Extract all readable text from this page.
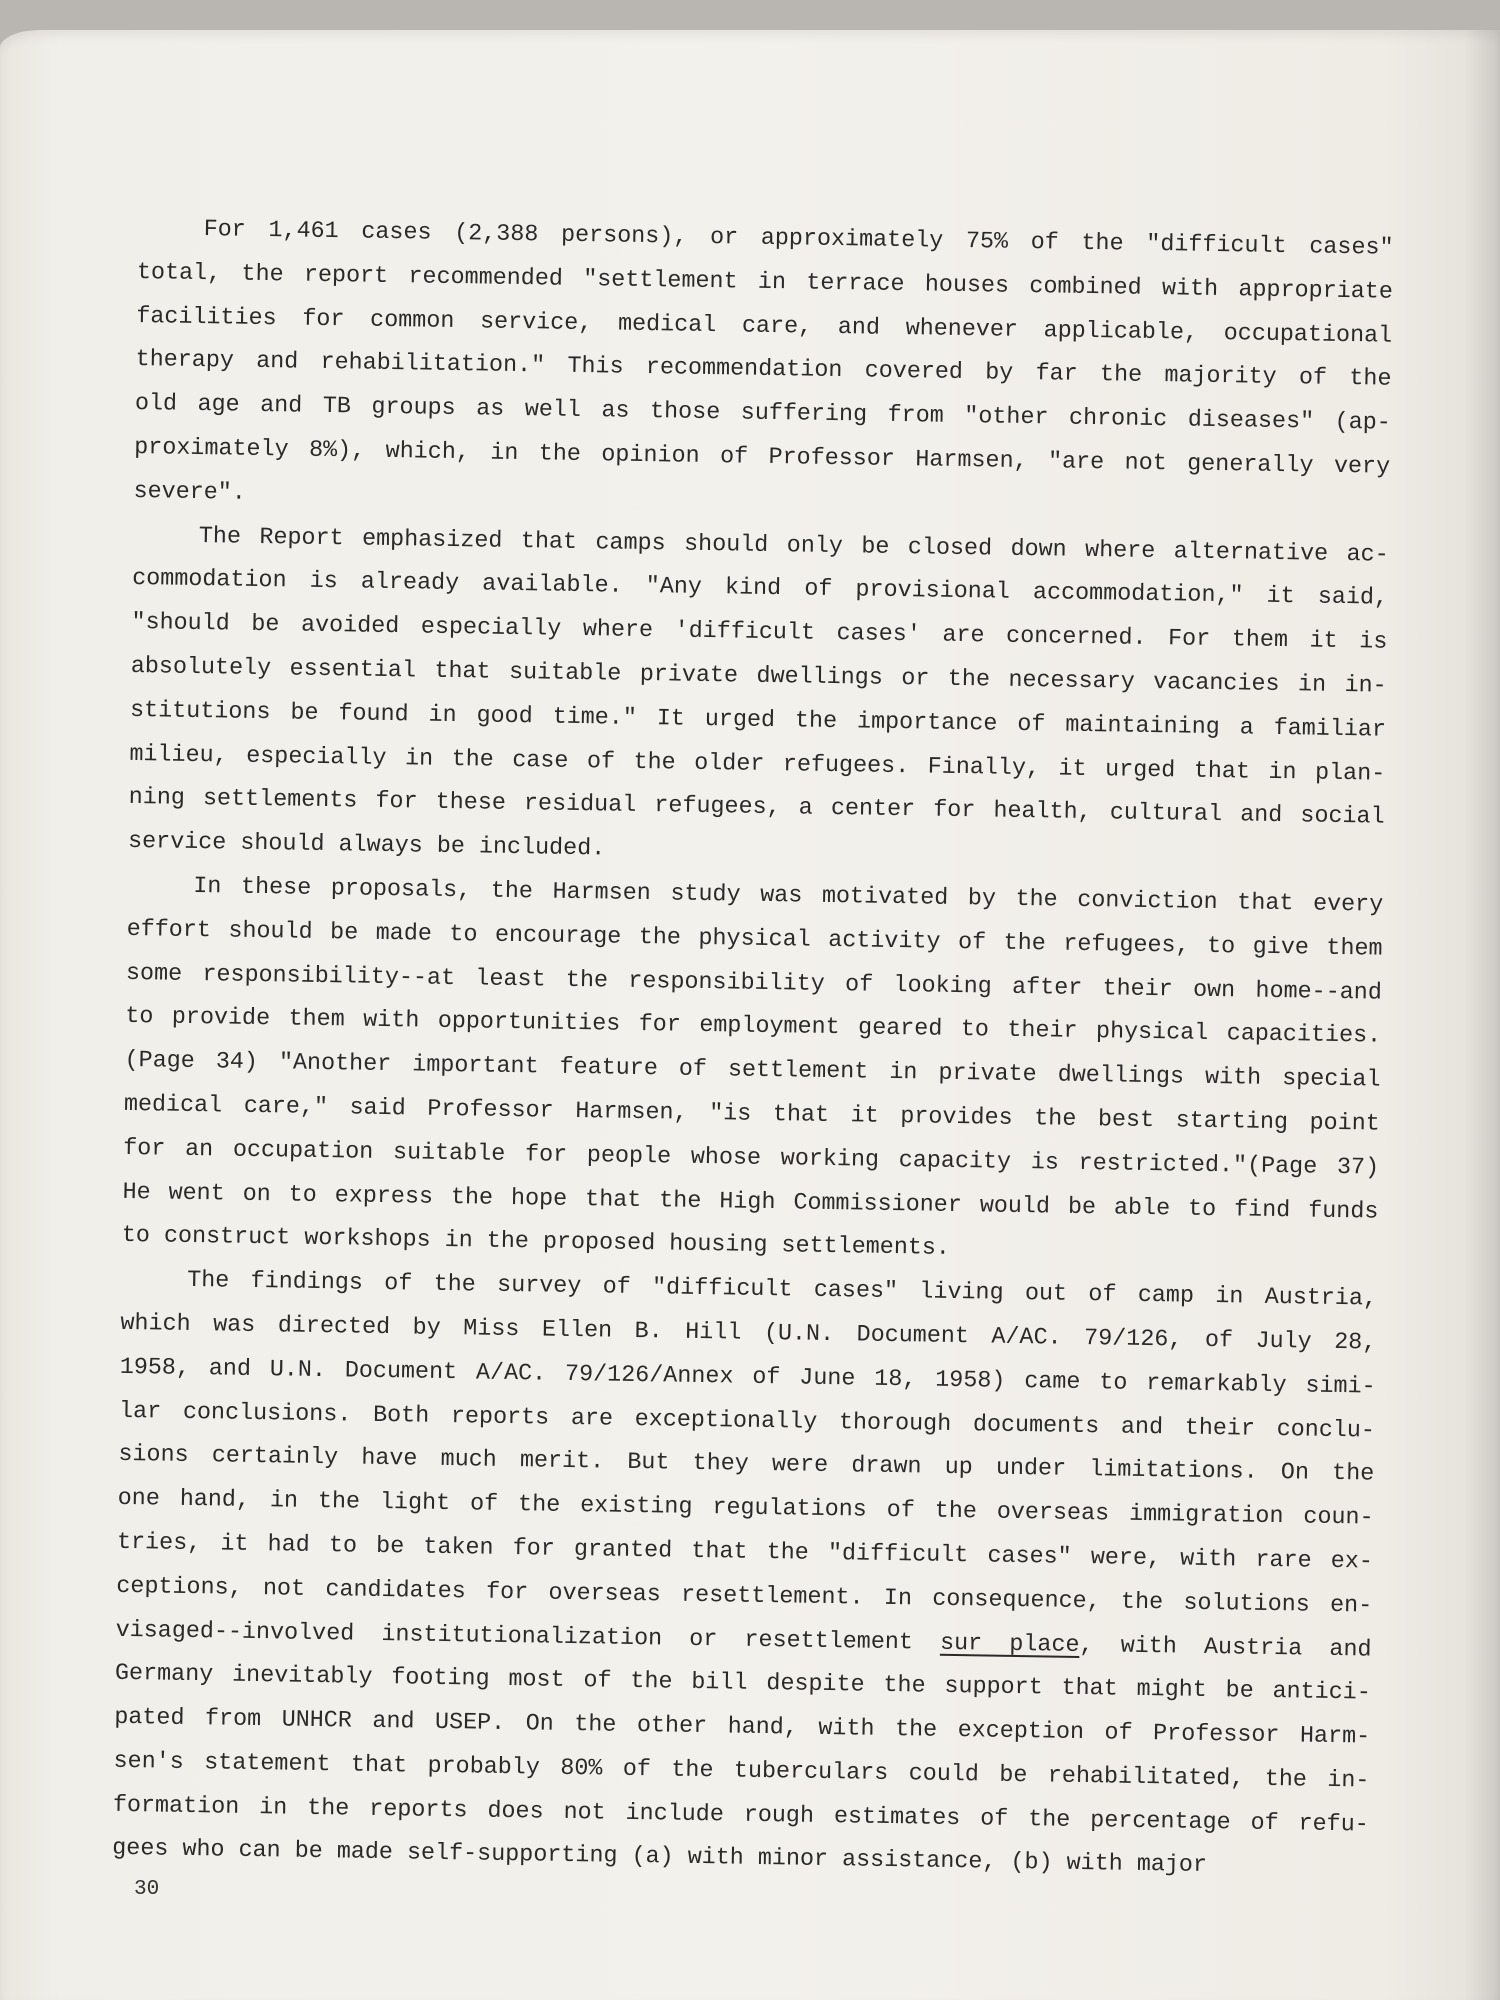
For 1,461 cases (2,388 persons), or approximately 75% of the "difficult cases"
total, the report recommended "settlement in terrace houses combined with appropriate
facilities for common service, medical care, and whenever applicable, occupational
therapy and rehabilitation." This recommendation covered by far the majority of the
old age and TB groups as well as those suffering from "other chronic diseases" (ap-
proximately 8%), which, in the opinion of Professor Harmsen, "are not generally very
severe".
The Report emphasized that camps should only be closed down where alternative ac-
commodation is already available. "Any kind of provisional accommodation," it said,
"should be avoided especially where 'difficult cases' are concerned. For them it is
absolutely essential that suitable private dwellings or the necessary vacancies in in-
stitutions be found in good time." It urged the importance of maintaining a familiar
milieu, especially in the case of the older refugees. Finally, it urged that in plan-
ning settlements for these residual refugees, a center for health, cultural and social
service should always be included.
In these proposals, the Harmsen study was motivated by the conviction that every
effort should be made to encourage the physical activity of the refugees, to give them
some responsibility--at least the responsibility of looking after their own home--and
to provide them with opportunities for employment geared to their physical capacities.
(Page 34) "Another important feature of settlement in private dwellings with special
medical care," said Professor Harmsen, "is that it provides the best starting point
for an occupation suitable for people whose working capacity is restricted."(Page 37)
He went on to express the hope that the High Commissioner would be able to find funds
to construct workshops in the proposed housing settlements.
The findings of the survey of "difficult cases" living out of camp in Austria,
which was directed by Miss Ellen B. Hill (U.N. Document A/AC. 79/126, of July 28,
1958, and U.N. Document A/AC. 79/126/Annex of June 18, 1958) came to remarkably simi-
lar conclusions. Both reports are exceptionally thorough documents and their conclu-
sions certainly have much merit. But they were drawn up under limitations. On the
one hand, in the light of the existing regulations of the overseas immigration coun-
tries, it had to be taken for granted that the "difficult cases" were, with rare ex-
ceptions, not candidates for overseas resettlement. In consequence, the solutions en-
visaged--involved institutionalization or resettlement sur place, with Austria and
Germany inevitably footing most of the bill despite the support that might be antici-
pated from UNHCR and USEP. On the other hand, with the exception of Professor Harm-
sen's statement that probably 80% of the tuberculars could be rehabilitated, the in-
formation in the reports does not include rough estimates of the percentage of refu-
gees who can be made self-supporting (a) with minor assistance, (b) with major
30
